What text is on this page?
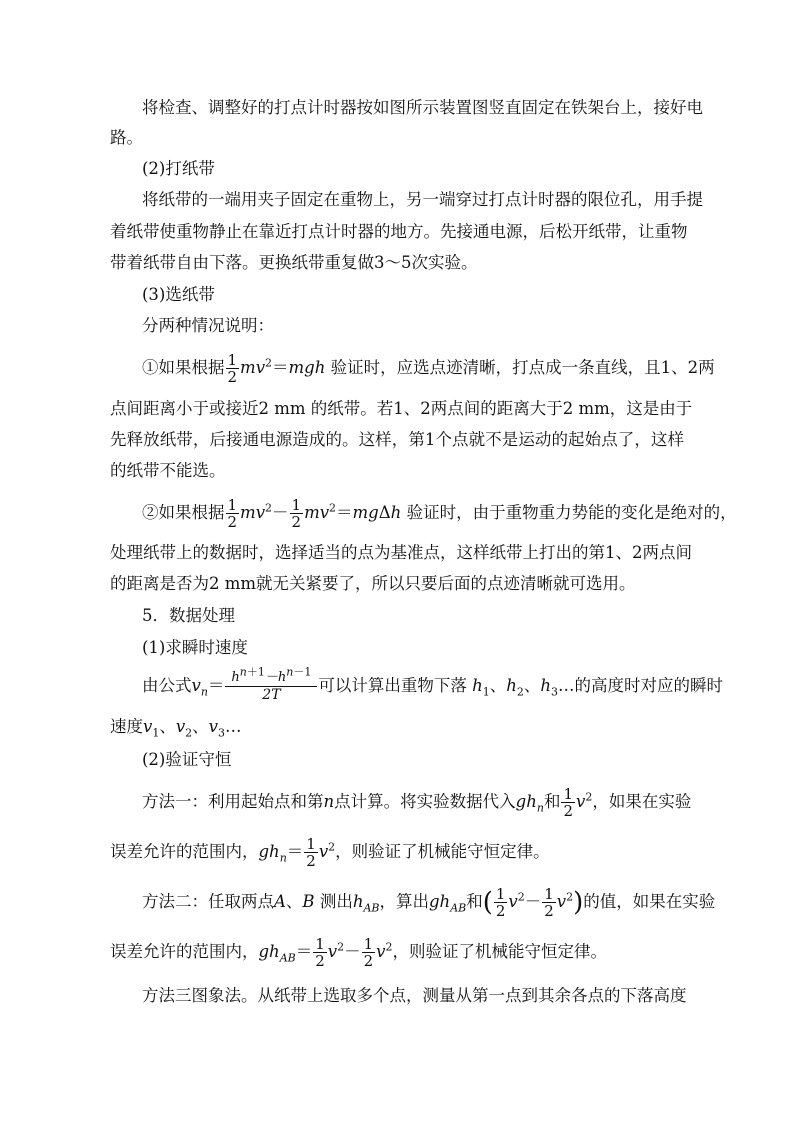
将检查、调整好的打点计时器按如图所示装置图竖直固定在铁架台上，接好电
路。
(2)打纸带
将纸带的一端用夹子固定在重物上，另一端穿过打点计时器的限位孔，用手提
着纸带使重物静止在靠近打点计时器的地方。先接通电源，后松开纸带，让重物
带着纸带自由下落。更换纸带重复做3～5次实验。
(3)选纸带
分两种情况说明：
①如果根据 $\frac{1}{2} mv^2=mgh$ 验证时，应选点迹清晰，打点成一条直线，且1、2两
点间距离小于或接近2 mm 的纸带。若1、2两点间的距离大于2 mm，这是由于
先释放纸带，后接通电源造成的。这样，第1个点就不是运动的起始点了，这样
的纸带不能选。
②如果根据 $\frac{1}{2} mv^2- \frac{1}{2} mv^2=mg\Delta h$ 验证时，由于重物重力势能的变化是绝对的，
处理纸带上的数据时，选择适当的点为基准点，这样纸带上打出的第1、2两点间
的距离是否为2 mm就无关紧要了，所以只要后面的点迹清晰就可选用。
5．数据处理
(1)求瞬时速度
由公式$v_n= \frac{h^{n+1}-h^{n-1}}{2T}$ 可以计算出重物下落 $h_1$、$h_2$、$h_3\dots$的高度时对应的瞬时
速度$v_1$、$v_2$、$v_3\dots$
(2)验证守恒
方法一：利用起始点和第n点计算。将实验数据代入$gh_n$和 $\frac{1}{2} v^2$，如果在实验
误差允许的范围内，$gh_n= \frac{1}{2} v^2$，则验证了机械能守恒定律。
方法二：任取两点A、B 测出$h_{AB}$，算出$gh_{AB}$和( $\frac{1}{2} v^2- \frac{1}{2} v^2$)的值，如果在实验
误差允许的范围内，$gh_{AB}= \frac{1}{2} v^2- \frac{1}{2} v^2$，则验证了机械能守恒定律。
方法三图象法。从纸带上选取多个点，测量从第一点到其余各点的下落高度
